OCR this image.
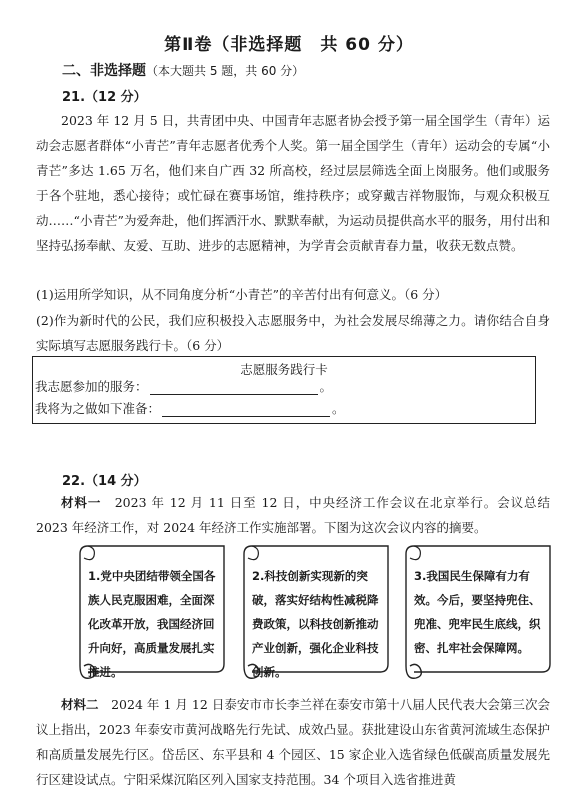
第Ⅱ卷（非选择题 共 60 分）
二、非选择题（本大题共 5 题，共 60 分）
21.（12 分）

2023 年 12 月 5 日，共青团中央、中国青年志愿者协会授予第一届全国学生（青年）运动会志愿者群体“小青芒”青年志愿者优秀个人奖。第一届全国学生（青年）运动会的专属“小青芒”多达 1.65 万名，他们来自广西 32 所高校，经过层层筛选全面上岗服务。他们或服务于各个驻地，悉心接待；或忙碌在赛事场馆，维持秩序；或穿戴吉祥物服饰，与观众积极互动……“小青芒”为爱奔赴，他们挥洒汗水、默默奉献，为运动员提供高水平的服务，用付出和坚持弘扬奉献、友爱、互助、进步的志愿精神，为学青会贡献青春力量，收获无数点赞。

(1)运用所学知识，从不同角度分析“小青芒”的辛苦付出有何意义。（6 分）

(2)作为新时代的公民，我们应积极投入志愿服务中，为社会发展尽绵薄之力。请你结合自身实际填写志愿服务践行卡。（6 分）

志愿服务践行卡
我志愿参加的服务：	。
我将为之做如下准备：	。
22.（14 分）

材料一　 2023 年 12 月 11 日至 12 日，中央经济工作会议在北京举行。会议总结 2023 年经济工作，对 2024 年经济工作实施部署。下图为这次会议内容的摘要。

1.党中央团结带领全国各族人民克服困难，全面深化改革开放，我国经济回升向好，高质量发展扎实推进。
2.科技创新实现新的突破，落实好结构性减税降费政策，以科技创新推动产业创新，强化企业科技创新。
3.我国民生保障有力有效。今后，要坚持兜住、兜准、兜牢民生底线，织密、扎牢社会保障网。

材料二　 2024 年 1 月 12 日泰安市市长李兰祥在泰安市第十八届人民代表大会第三次会议上指出，2023 年泰安市黄河战略先行先试、成效凸显。获批建设山东省黄河流域生态保护和高质量发展先行区。岱岳区、东平县和 4 个园区、15 家企业入选省绿色低碳高质量发展先行区建设试点。宁阳采煤沉陷区列入国家支持范围。34 个项目入选省推进黄
